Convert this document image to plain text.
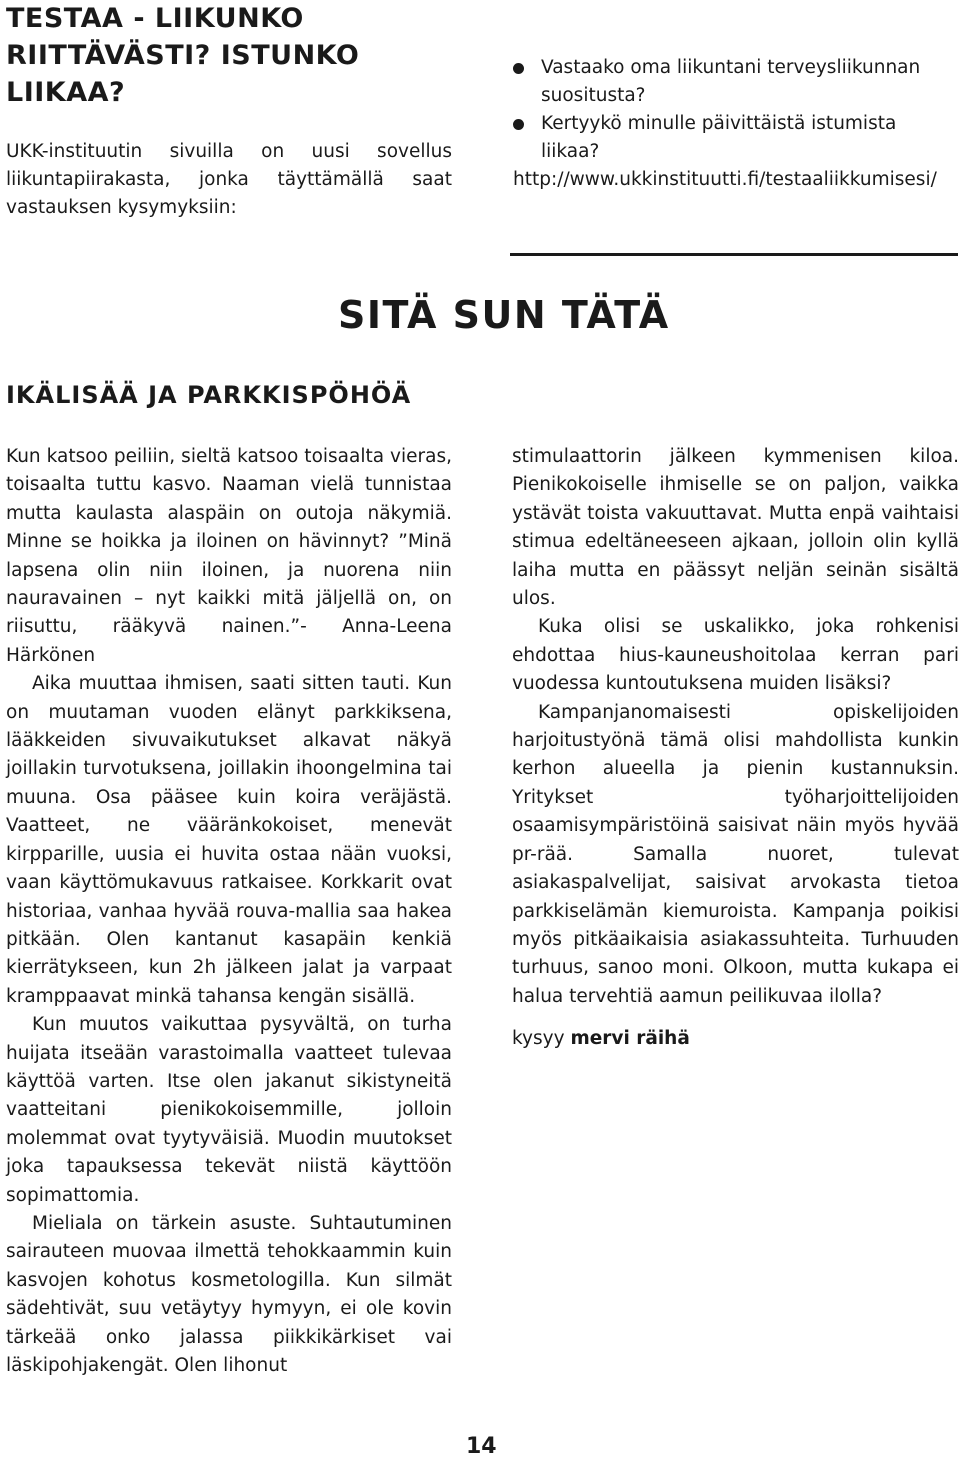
TESTAA - LIIKUNKO RIITTÄVÄSTI? ISTUNKO LIIKAA?
UKK-instituutin sivuilla on uusi sovellus liikuntapiirakasta, jonka täyttämällä saat vastauksen kysymyksiin:
Vastaako oma liikuntani terveysliikunnan suositusta?
Kertyykö minulle päivittäistä istumista liikaa?
http://www.ukkinstituutti.fi/testaaliikkumisesi/
SITÄ SUN TÄTÄ
IKÄLISÄÄ JA PARKKISPÖHÖÄ

Kun katsoo peiliin, sieltä katsoo toisaalta vieras, toisaalta tuttu kasvo. Naaman vielä tunnistaa mutta kaulasta alaspäin on outoja näkymiä. Minne se hoikka ja iloinen on hävinnyt? ”Minä lapsena olin niin iloinen, ja nuorena niin nauravainen – nyt kaikki mitä jäljellä on, on riisuttu, rääkyvä nainen.”- Anna-Leena Härkönen

Aika muuttaa ihmisen, saati sitten tauti. Kun on muutaman vuoden elänyt parkkiksena, lääkkeiden sivuvaikutukset alkavat näkyä joillakin turvotuksena, joillakin ihoongelmina tai muuna. Osa pääsee kuin koira veräjästä. Vaatteet, ne vääränkokoiset, menevät kirpparille, uusia ei huvita ostaa nään vuoksi, vaan käyttömukavuus ratkaisee. Korkkarit ovat historiaa, vanhaa hyvää rouva-mallia saa hakea pitkään. Olen kantanut kasapäin kenkiä kierrätykseen, kun 2h jälkeen jalat ja varpaat kramppaavat minkä tahansa kengän sisällä.

Kun muutos vaikuttaa pysyvältä, on turha huijata itseään varastoimalla vaatteet tulevaa käyttöä varten. Itse olen jakanut sikistyneitä vaatteitani pienikokoisemmille, jolloin molemmat ovat tyytyväisiä. Muodin muutokset joka tapauksessa tekevät niistä käyttöön sopimattomia.

Mieliala on tärkein asuste. Suhtautuminen sairauteen muovaa ilmettä tehokkaammin kuin kasvojen kohotus kosmetologilla. Kun silmät sädehtivät, suu vetäytyy hymyyn, ei ole kovin tärkeää onko jalassa piikkikärkiset vai läskipohjakengät. Olen lihonut

stimulaattorin jälkeen kymmenisen kiloa. Pienikokoiselle ihmiselle se on paljon, vaikka ystävät toista vakuuttavat. Mutta enpä vaihtaisi stimua edeltäneeseen ajkaan, jolloin olin kyllä laiha mutta en päässyt neljän seinän sisältä ulos.

Kuka olisi se uskalikko, joka rohkenisi ehdottaa hius-kauneushoitolaa kerran pari vuodessa kuntoutuksena muiden lisäksi?

Kampanjanomaisesti opiskelijoiden harjoitustyönä tämä olisi mahdollista kunkin kerhon alueella ja pienin kustannuksin. Yritykset työharjoittelijoiden osaamisympäristöinä saisivat näin myös hyvää pr-rää. Samalla nuoret, tulevat asiakaspalvelijat, saisivat arvokasta tietoa parkkiselämän kiemuroista. Kampanja poikisi myös pitkäaikaisia asiakassuhteita. Turhuuden turhuus, sanoo moni. Olkoon, mutta kukapa ei halua tervehtiä aamun peilikuvaa ilolla?

kysyy mervi räihä

14
